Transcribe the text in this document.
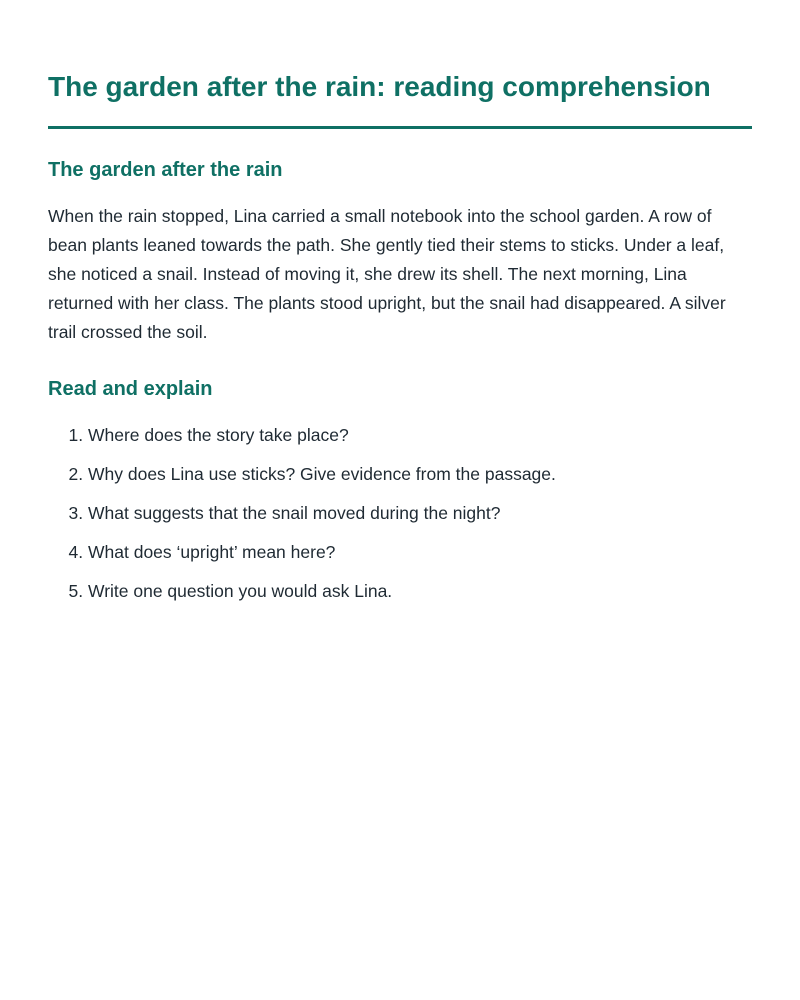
The garden after the rain: reading comprehension
The garden after the rain

When the rain stopped, Lina carried a small notebook into the school garden. A row of bean plants leaned towards the path. She gently tied their stems to sticks. Under a leaf, she noticed a snail. Instead of moving it, she drew its shell. The next morning, Lina returned with her class. The plants stood upright, but the snail had disappeared. A silver trail crossed the soil.

Read and explain
1. Where does the story take place?
2. Why does Lina use sticks? Give evidence from the passage.
3. What suggests that the snail moved during the night?
4. What does ‘upright’ mean here?
5. Write one question you would ask Lina.
